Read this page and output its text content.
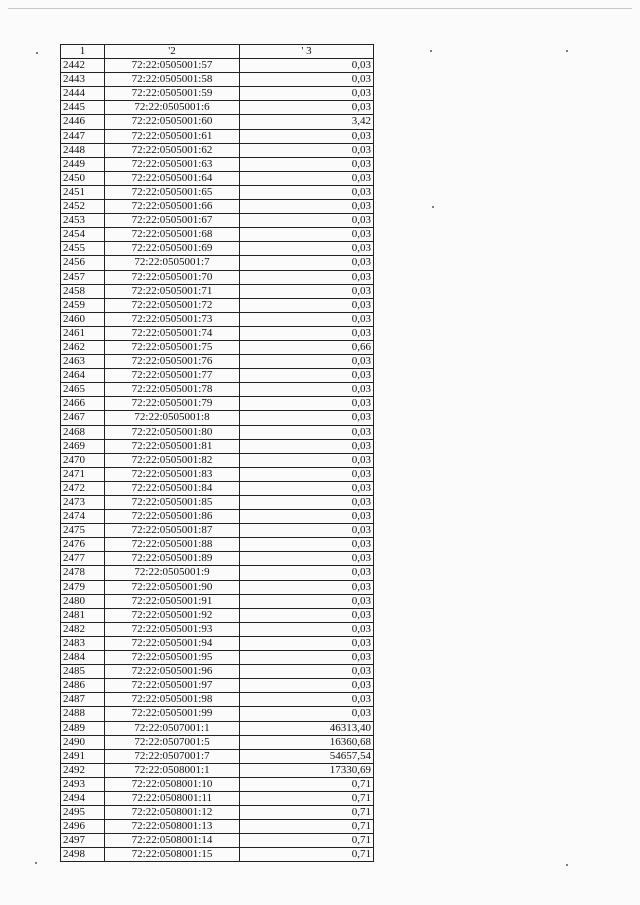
1	'2	' 3
2442	72:22:0505001:57	0,03
2443	72:22:0505001:58	0,03
2444	72:22:0505001:59	0,03
2445	72:22:0505001:6	0,03
2446	72:22:0505001:60	3,42
2447	72:22:0505001:61	0,03
2448	72:22:0505001:62	0,03
2449	72:22:0505001:63	0,03
2450	72:22:0505001:64	0,03
2451	72:22:0505001:65	0,03
2452	72:22:0505001:66	0,03
2453	72:22:0505001:67	0,03
2454	72:22:0505001:68	0,03
2455	72:22:0505001:69	0,03
2456	72:22:0505001:7	0,03
2457	72:22:0505001:70	0,03
2458	72:22:0505001:71	0,03
2459	72:22:0505001:72	0,03
2460	72:22:0505001:73	0,03
2461	72:22:0505001:74	0,03
2462	72:22:0505001:75	0,66
2463	72:22:0505001:76	0,03
2464	72:22:0505001:77	0,03
2465	72:22:0505001:78	0,03
2466	72:22:0505001:79	0,03
2467	72:22:0505001:8	0,03
2468	72:22:0505001:80	0,03
2469	72:22:0505001:81	0,03
2470	72:22:0505001:82	0,03
2471	72:22:0505001:83	0,03
2472	72:22:0505001:84	0,03
2473	72:22:0505001:85	0,03
2474	72:22:0505001:86	0,03
2475	72:22:0505001:87	0,03
2476	72:22:0505001:88	0,03
2477	72:22:0505001:89	0,03
2478	72:22:0505001:9	0,03
2479	72:22:0505001:90	0,03
2480	72:22:0505001:91	0,03
2481	72:22:0505001:92	0,03
2482	72:22:0505001:93	0,03
2483	72:22:0505001:94	0,03
2484	72:22:0505001:95	0,03
2485	72:22:0505001:96	0,03
2486	72:22:0505001:97	0,03
2487	72:22:0505001:98	0,03
2488	72:22:0505001:99	0,03
2489	72:22:0507001:1	46313,40
2490	72:22:0507001:5	16360,68
2491	72:22:0507001:7	54657,54
2492	72:22:0508001:1	17330,69
2493	72:22:0508001:10	0,71
2494	72:22:0508001:11	0,71
2495	72:22:0508001:12	0,71
2496	72:22:0508001:13	0,71
2497	72:22:0508001:14	0,71
2498	72:22:0508001:15	0,71
